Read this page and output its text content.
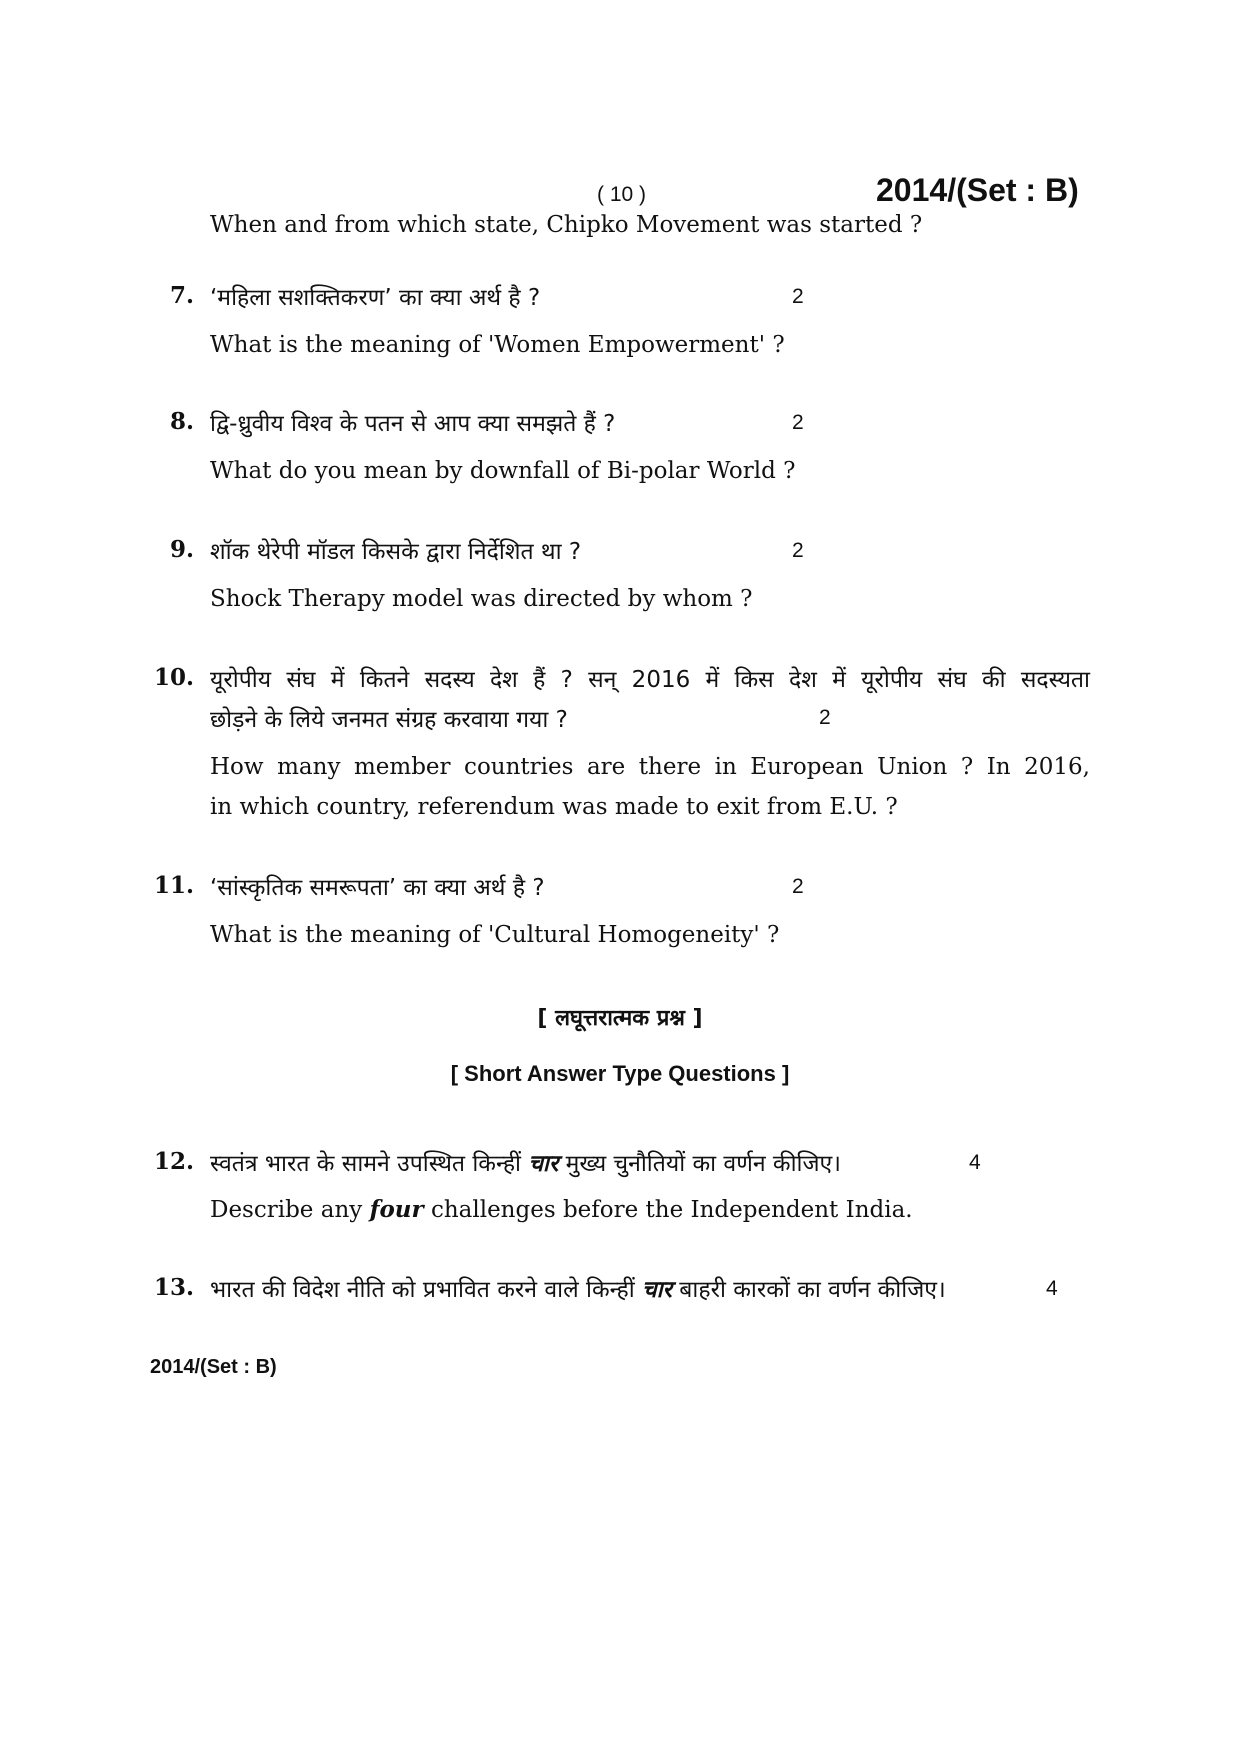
( 10 )	2014/(Set : B)
When and from which state, Chipko Movement was started ?
7. ‘महिला सशक्तिकरण’ का क्या अर्थ है ?	2
What is the meaning of 'Women Empowerment' ?
8. द्वि-ध्रुवीय विश्व के पतन से आप क्या समझते हैं ?	2
What do you mean by downfall of Bi-polar World ?
9. शॉक थेरेपी मॉडल किसके द्वारा निर्देशित था ?	2
Shock Therapy model was directed by whom ?
10. यूरोपीय संघ में कितने सदस्य देश हैं ? सन् 2016 में किस देश में यूरोपीय संघ की सदस्यता
छोड़ने के लिये जनमत संग्रह करवाया गया ?	2
How many member countries are there in European Union ? In 2016,
in which country, referendum was made to exit from E.U. ?
11. ‘सांस्कृतिक समरूपता’ का क्या अर्थ है ?	2
What is the meaning of 'Cultural Homogeneity' ?
[ लघूत्तरात्मक प्रश्न ]
[ Short Answer Type Questions ]
12. स्वतंत्र भारत के सामने उपस्थित किन्हीं चार मुख्य चुनौतियों का वर्णन कीजिए।	4
Describe any four challenges before the Independent India.
13. भारत की विदेश नीति को प्रभावित करने वाले किन्हीं चार बाहरी कारकों का वर्णन कीजिए।	4
2014/(Set : B)
